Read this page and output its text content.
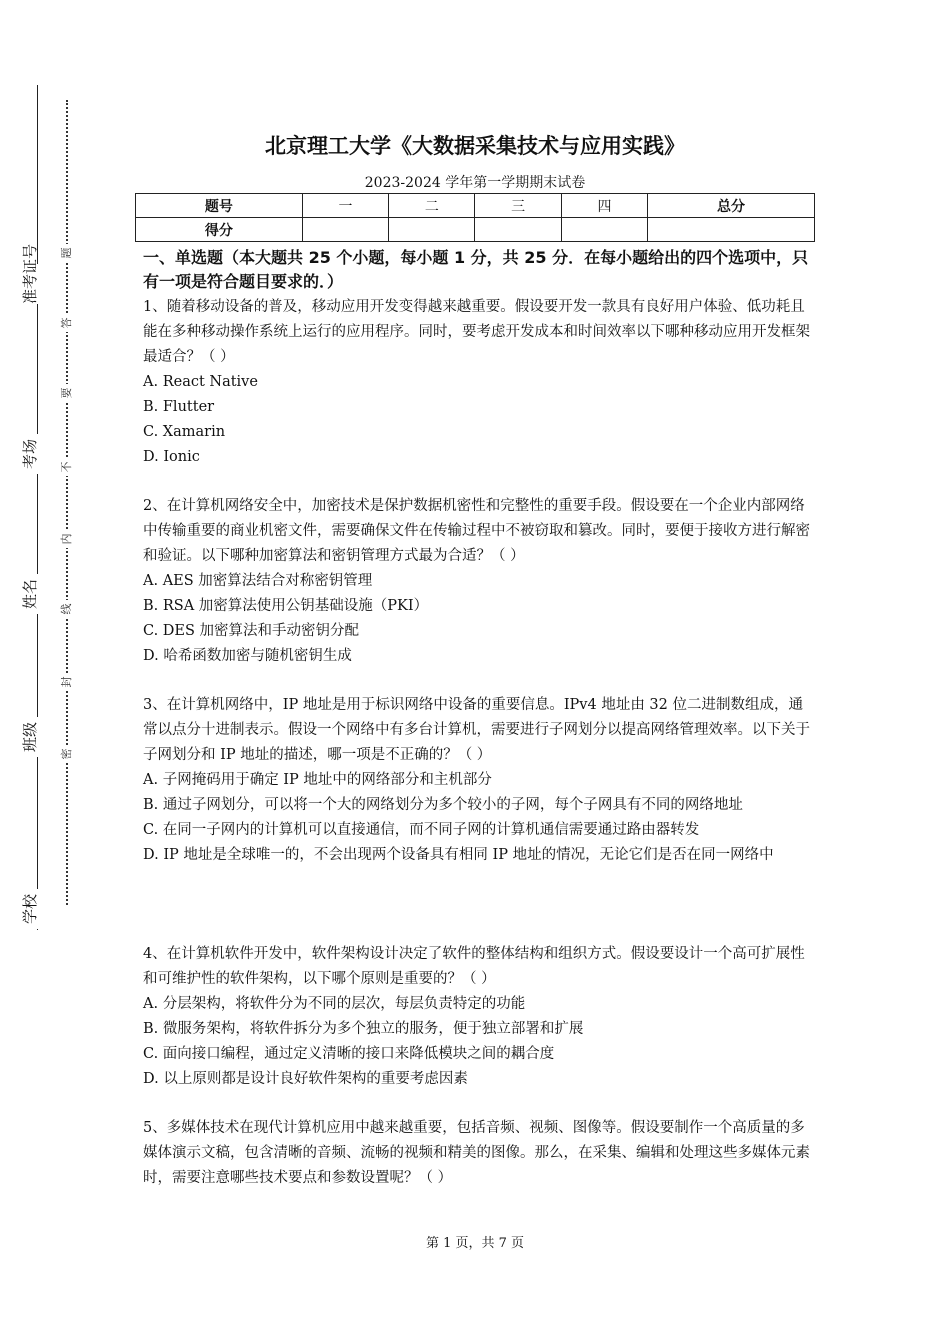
准考证号
考场
姓名
班级
学校
题
答
要
不
内
线
封
密
北京理工大学《大数据采集技术与应用实践》
2023-2024 学年第一学期期末试卷
题号	一	二	三	四	总分
得分					
一、单选题（本大题共 25 个小题，每小题 1 分，共 25 分．在每小题给出的四个选项中，只有一项是符合题目要求的．）

1、随着移动设备的普及，移动应用开发变得越来越重要。假设要开发一款具有良好用户体验、低功耗且能在多种移动操作系统上运行的应用程序。同时，要考虑开发成本和时间效率以下哪种移动应用开发框架最适合？（ ）

A. React Native

B. Flutter

C. Xamarin

D. Ionic

2、在计算机网络安全中，加密技术是保护数据机密性和完整性的重要手段。假设要在一个企业内部网络中传输重要的商业机密文件，需要确保文件在传输过程中不被窃取和篡改。同时，要便于接收方进行解密和验证。以下哪种加密算法和密钥管理方式最为合适？（ ）

A. AES 加密算法结合对称密钥管理

B. RSA 加密算法使用公钥基础设施（PKI）

C. DES 加密算法和手动密钥分配

D. 哈希函数加密与随机密钥生成

3、在计算机网络中，IP 地址是用于标识网络中设备的重要信息。IPv4 地址由 32 位二进制数组成，通常以点分十进制表示。假设一个网络中有多台计算机，需要进行子网划分以提高网络管理效率。以下关于子网划分和 IP 地址的描述，哪一项是不正确的？（ ）

A. 子网掩码用于确定 IP 地址中的网络部分和主机部分

B. 通过子网划分，可以将一个大的网络划分为多个较小的子网，每个子网具有不同的网络地址

C. 在同一子网内的计算机可以直接通信，而不同子网的计算机通信需要通过路由器转发

D. IP 地址是全球唯一的，不会出现两个设备具有相同 IP 地址的情况，无论它们是否在同一网络中

4、在计算机软件开发中，软件架构设计决定了软件的整体结构和组织方式。假设要设计一个高可扩展性和可维护性的软件架构，以下哪个原则是重要的？（ ）

A. 分层架构，将软件分为不同的层次，每层负责特定的功能

B. 微服务架构，将软件拆分为多个独立的服务，便于独立部署和扩展

C. 面向接口编程，通过定义清晰的接口来降低模块之间的耦合度

D. 以上原则都是设计良好软件架构的重要考虑因素

5、多媒体技术在现代计算机应用中越来越重要，包括音频、视频、图像等。假设要制作一个高质量的多媒体演示文稿，包含清晰的音频、流畅的视频和精美的图像。那么，在采集、编辑和处理这些多媒体元素时，需要注意哪些技术要点和参数设置呢？（ ）

第 1 页，共 7 页
